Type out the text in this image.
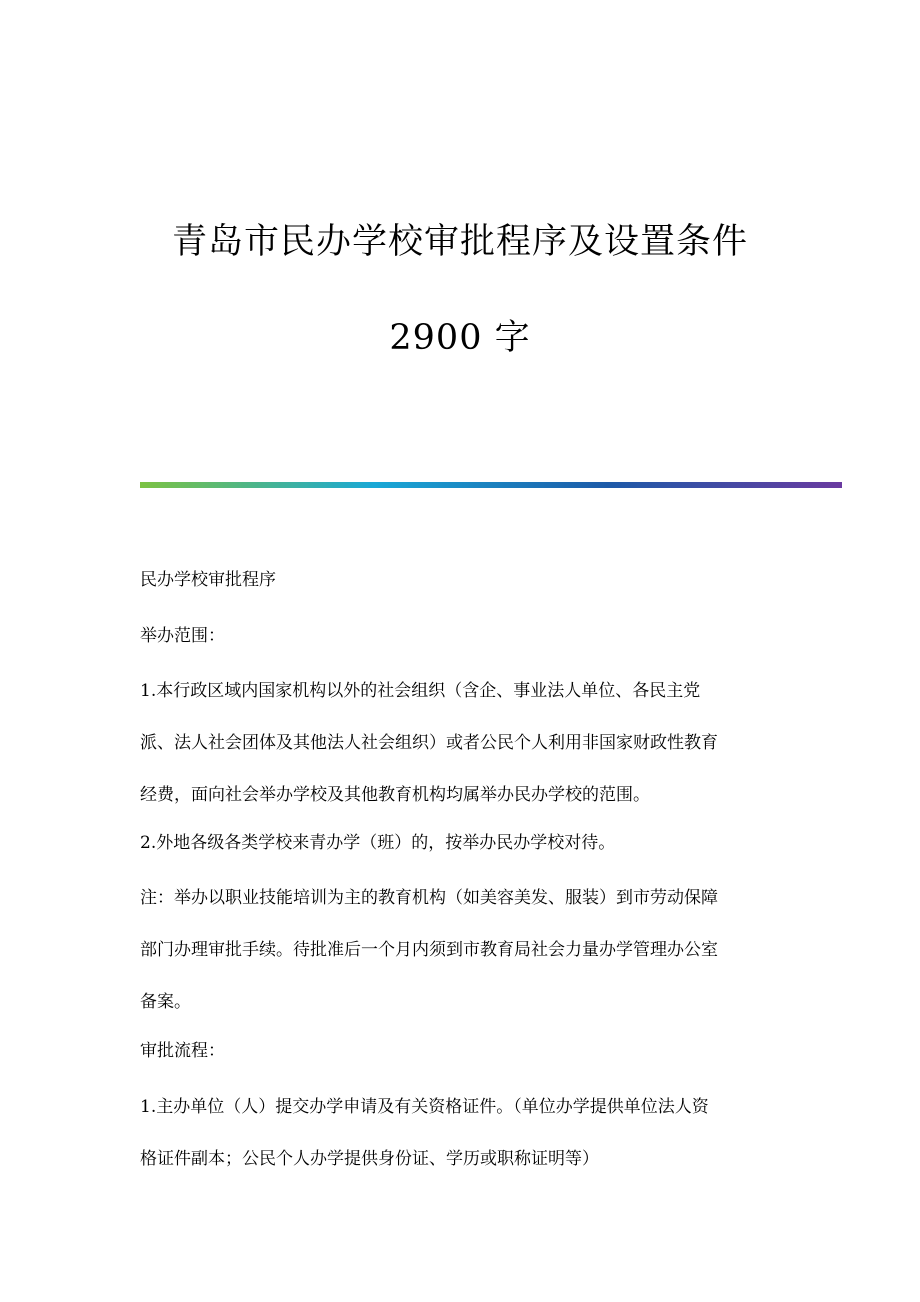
青岛市民办学校审批程序及设置条件
2900 字
民办学校审批程序
举办范围：
1.本行政区域内国家机构以外的社会组织（含企、事业法人单位、各民主党
派、法人社会团体及其他法人社会组织）或者公民个人利用非国家财政性教育
经费，面向社会举办学校及其他教育机构均属举办民办学校的范围。
2.外地各级各类学校来青办学（班）的，按举办民办学校对待。
注：举办以职业技能培训为主的教育机构（如美容美发、服装）到市劳动保障
部门办理审批手续。待批准后一个月内须到市教育局社会力量办学管理办公室
备案。
审批流程：
1.主办单位（人）提交办学申请及有关资格证件。（单位办学提供单位法人资
格证件副本；公民个人办学提供身份证、学历或职称证明等）
